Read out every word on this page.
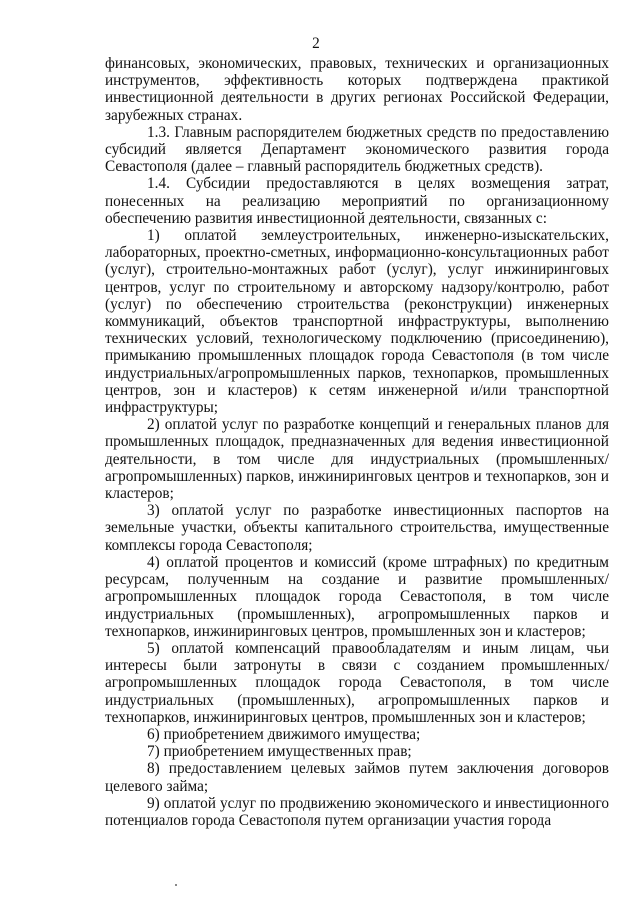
2

финансовых, экономических, правовых, технических и организационных инструментов, эффективность которых подтверждена практикой инвестиционной деятельности в других регионах Российской Федерации, зарубежных странах.

1.3. Главным распорядителем бюджетных средств по предоставлению субсидий является Департамент экономического развития города Севастополя (далее – главный распорядитель бюджетных средств).

1.4. Субсидии предоставляются в целях возмещения затрат, понесенных на реализацию мероприятий по организационному обеспечению развития инвестиционной деятельности, связанных с:

1) оплатой землеустроительных, инженерно-изыскательских, лабораторных, проектно-сметных, информационно-консультационных работ (услуг), строительно-монтажных работ (услуг), услуг инжиниринговых центров, услуг по строительному и авторскому надзору/контролю, работ (услуг) по обеспечению строительства (реконструкции) инженерных коммуникаций, объектов транспортной инфраструктуры, выполнению технических условий, технологическому подключению (присоединению), примыканию промышленных площадок города Севастополя (в том числе индустриальных/агропромышленных парков, технопарков, промышленных центров, зон и кластеров) к сетям инженерной и/или транспортной инфраструктуры;

2) оплатой услуг по разработке концепций и генеральных планов для промышленных площадок, предназначенных для ведения инвестиционной деятельности, в том числе для индустриальных (промышленных/агропромышленных) парков, инжиниринговых центров и технопарков, зон и кластеров;

3) оплатой услуг по разработке инвестиционных паспортов на земельные участки, объекты капитального строительства, имущественные комплексы города Севастополя;

4) оплатой процентов и комиссий (кроме штрафных) по кредитным ресурсам, полученным на создание и развитие промышленных/ агропромышленных площадок города Севастополя, в том числе индустриальных (промышленных), агропромышленных парков и технопарков, инжиниринговых центров, промышленных зон и кластеров;

5) оплатой компенсаций правообладателям и иным лицам, чьи интересы были затронуты в связи с созданием промышленных/ агропромышленных площадок города Севастополя, в том числе индустриальных (промышленных), агропромышленных парков и технопарков, инжиниринговых центров, промышленных зон и кластеров;

6) приобретением движимого имущества;

7) приобретением имущественных прав;

8) предоставлением целевых займов путем заключения договоров целевого займа;

9) оплатой услуг по продвижению экономического и инвестиционного потенциалов города Севастополя путем организации участия города
